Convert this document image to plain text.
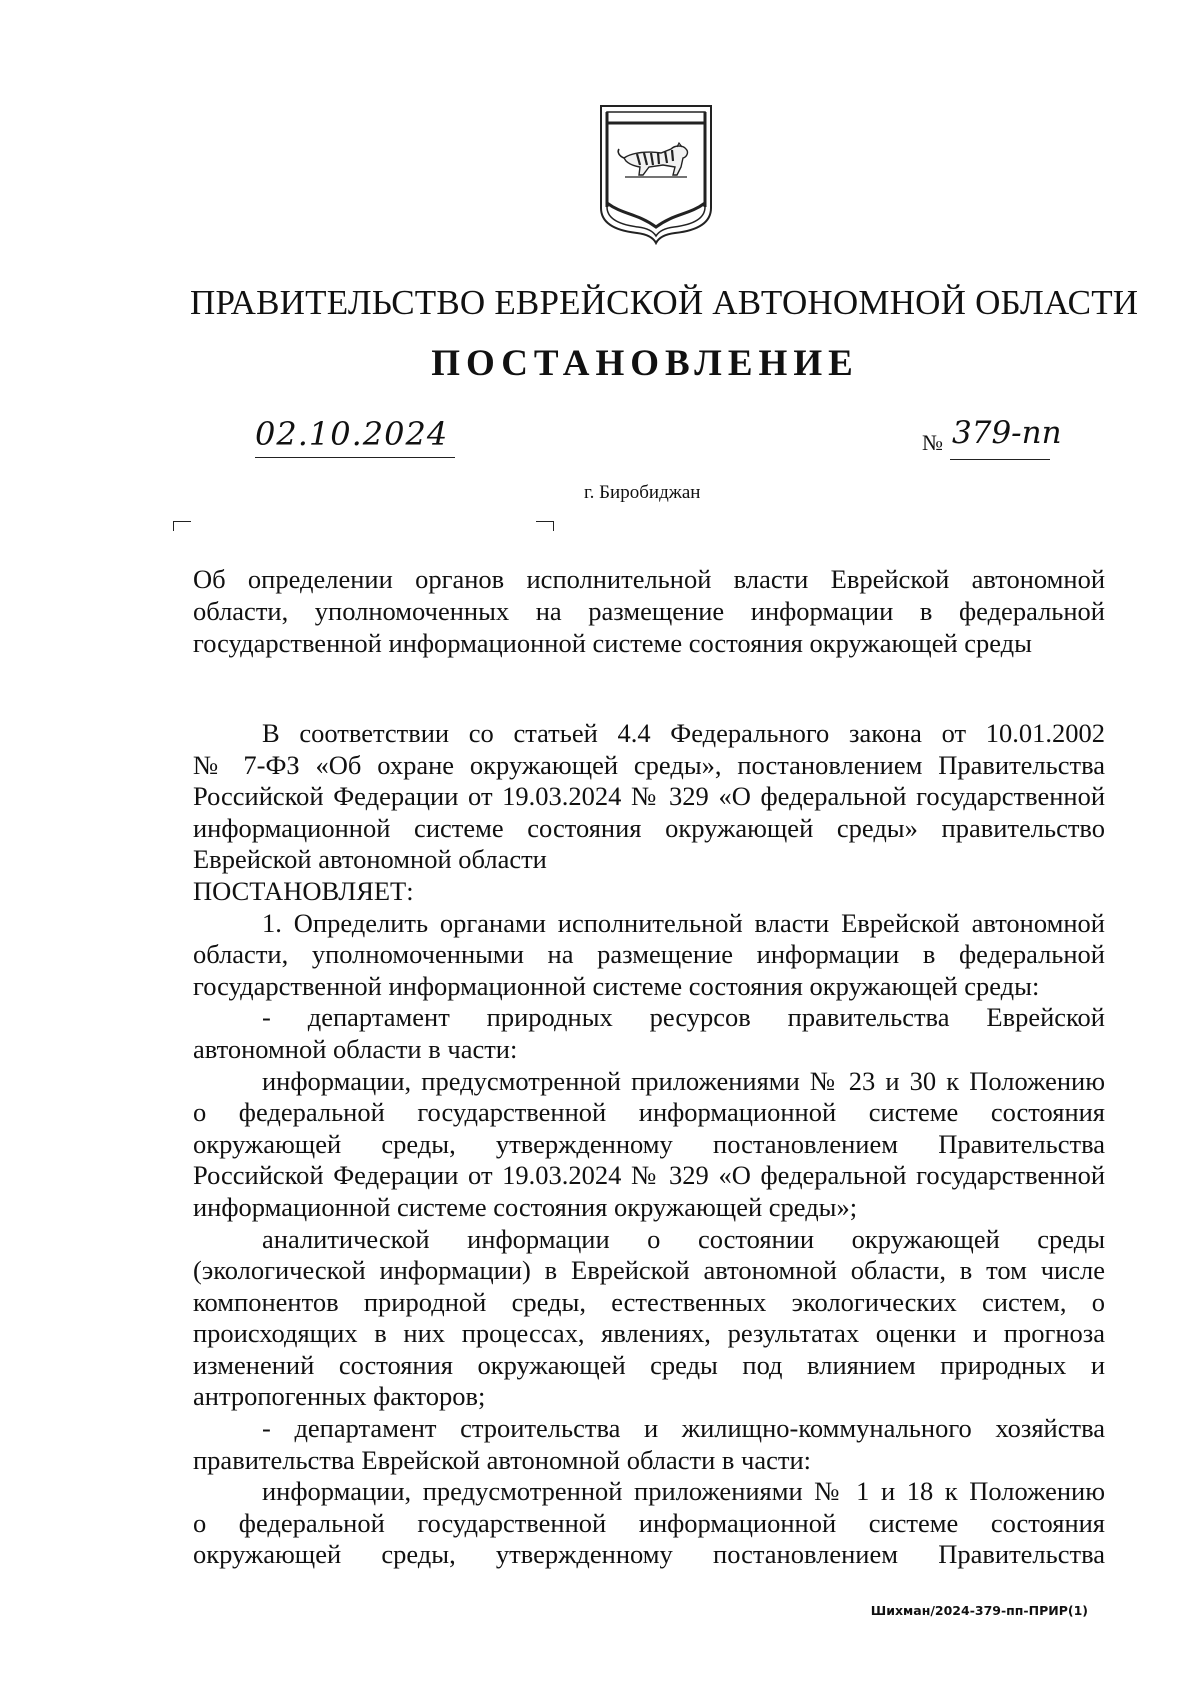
ПРАВИТЕЛЬСТВО ЕВРЕЙСКОЙ АВТОНОМНОЙ ОБЛАСТИ
ПОСТАНОВЛЕНИЕ
02.10.2024	№ 379-пп
г. Биробиджан
Об определении органов исполнительной власти Еврейской автономной
области, уполномоченных на размещение информации в федеральной
государственной информационной системе состояния окружающей среды
В соответствии со статьей 4.4 Федерального закона от 10.01.2002
№ 7-ФЗ «Об охране окружающей среды», постановлением Правительства
Российской Федерации от 19.03.2024 № 329 «О федеральной государственной
информационной системе состояния окружающей среды» правительство
Еврейской автономной области
ПОСТАНОВЛЯЕТ:
1. Определить органами исполнительной власти Еврейской автономной
области, уполномоченными на размещение информации в федеральной
государственной информационной системе состояния окружающей среды:
- департамент природных ресурсов правительства Еврейской
автономной области в части:
информации, предусмотренной приложениями № 23 и 30 к Положению
о федеральной государственной информационной системе состояния
окружающей среды, утвержденному постановлением Правительства
Российской Федерации от 19.03.2024 № 329 «О федеральной государственной
информационной системе состояния окружающей среды»;
аналитической информации о состоянии окружающей среды
(экологической информации) в Еврейской автономной области, в том числе
компонентов природной среды, естественных экологических систем, о
происходящих в них процессах, явлениях, результатах оценки и прогноза
изменений состояния окружающей среды под влиянием природных и
антропогенных факторов;
- департамент строительства и жилищно-коммунального хозяйства
правительства Еврейской автономной области в части:
информации, предусмотренной приложениями № 1 и 18 к Положению
о федеральной государственной информационной системе состояния
окружающей среды, утвержденному постановлением Правительства
Шихман/2024-379-пп-ПРИР(1)
